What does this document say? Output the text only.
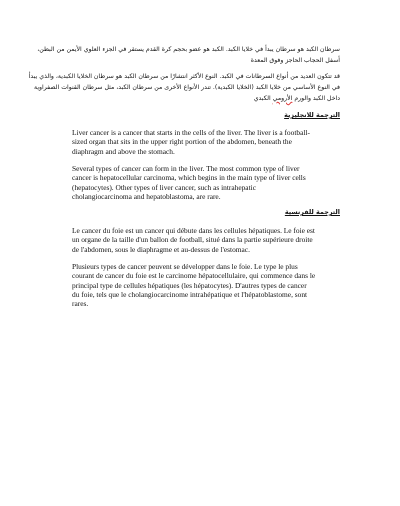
سرطان الكبد هو سرطان يبدأ في خلايا الكبد. الكبد هو عضو بحجم كرة القدم يستقر في الجزء العلوي الأيمن من البطن،
أسفل الحجاب الحاجز وفوق المعدة
قد تتكون العديد من أنواع السرطانات في الكبد. النوع الأكثر انتشارًا من سرطان الكبد هو سرطان الخلايا الكبدية، والذي يبدأ
في النوع الأساسي من خلايا الكبد (الخلايا الكبدية). تندر الأنواع الأخرى من سرطان الكبد، مثل سرطان القنوات الصفراوية
داخل الكبد والورم الأرومي الكبدي
الترجمة للانجليزية
Liver cancer is a cancer that starts in the cells of the liver. The liver is a football-
sized organ that sits in the upper right portion of the abdomen, beneath the
diaphragm and above the stomach.
Several types of cancer can form in the liver. The most common type of liver
cancer is hepatocellular carcinoma, which begins in the main type of liver cells
(hepatocytes). Other types of liver cancer, such as intrahepatic
cholangiocarcinoma and hepatoblastoma, are rare.
الترجمة للفرنسية
Le cancer du foie est un cancer qui débute dans les cellules hépatiques. Le foie est
un organe de la taille d'un ballon de football, situé dans la partie supérieure droite
de l'abdomen, sous le diaphragme et au-dessus de l'estomac.
Plusieurs types de cancer peuvent se développer dans le foie. Le type le plus
courant de cancer du foie est le carcinome hépatocellulaire, qui commence dans le
principal type de cellules hépatiques (les hépatocytes). D'autres types de cancer
du foie, tels que le cholangiocarcinome intrahépatique et l'hépatoblastome, sont
rares.
